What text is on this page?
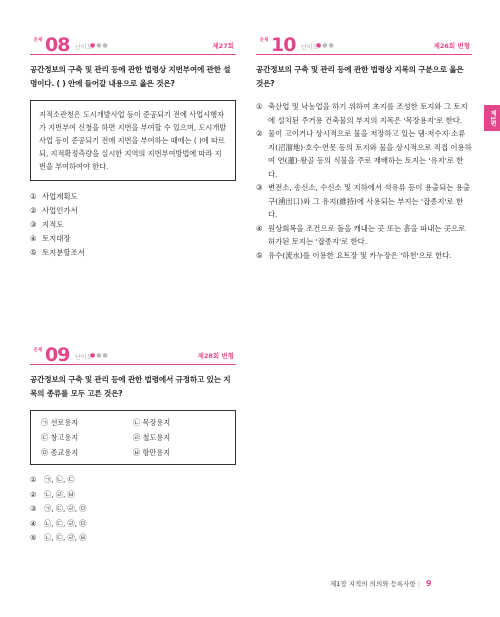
문제 08 난이도
●●●	제27회
공간정보의 구축 및 관리 등에 관한 법령상 지번부여에 관한 설명이다. ( ) 안에 들어갈 내용으로 옳은 것은?
지적소관청은 도시개발사업 등이 준공되기 전에 사업시행자가 지번부여 신청을 하면 지번을 부여할 수 있으며, 도시개발사업 등이 준공되기 전에 지번을 부여하는 때에는 ( )에 따르되, 지적확정측량을 실시한 지역의 지번부여방법에 따라 지번을 부여하여야 한다.
① 사업계획도
② 사업인가서
③ 지적도
④ 토지대장
⑤ 토지분할조서
문제 09 난이도
●●●	제28회 변형
공간정보의 구축 및 관리 등에 관한 법령에서 규정하고 있는 지목의 종류를 모두 고른 것은?
㉠ 선로용지	㉡ 목장용지
㉢ 창고용지	㉣ 철도용지
㉤ 종교용지	㉥ 항만용지
①	㉠, ㉡, ㉢
②	㉡, ㉣, ㉥
③	㉠, ㉢, ㉣, ㉤
④	㉡, ㉢, ㉣, ㉤
⑤	㉡, ㉢, ㉣, ㉥
문제 10 난이도
●●●	제26회 변형
공간정보의 구축 및 관리 등에 관한 법령상 지목의 구분으로 옳은 것은?
① 축산업 및 낙농업을 하기 위하여 초지를 조성한 토지와 그 토지에 설치된 주거용 건축물의 부지의 지목은 '목장용지'로 한다.
② 물이 고이거나 상시적으로 물을 저장하고 있는 댐·저수지·소류지(沼溜地)·호수·연못 등의 토지와 물을 상시적으로 직접 이용하여 연(蓮)·왕골 등의 식물을 주로 재배하는 토지는 '유지'로 한다.
③ 변전소, 송신소, 수신소 및 지하에서 석유류 등이 용출되는 용출구(湧出口)와 그 유지(維持)에 사용되는 부지는 '잡종지'로 한다.
④ 원상회복을 조건으로 돌을 캐내는 곳 또는 흙을 파내는 곳으로 허가된 토지는 '잡종지'로 한다.
⑤ 유수(流水)를 이용한 요트장 및 카누장은 '하천'으로 한다.
제1편
제1장 지적의 의의와 등록사항 | 9
